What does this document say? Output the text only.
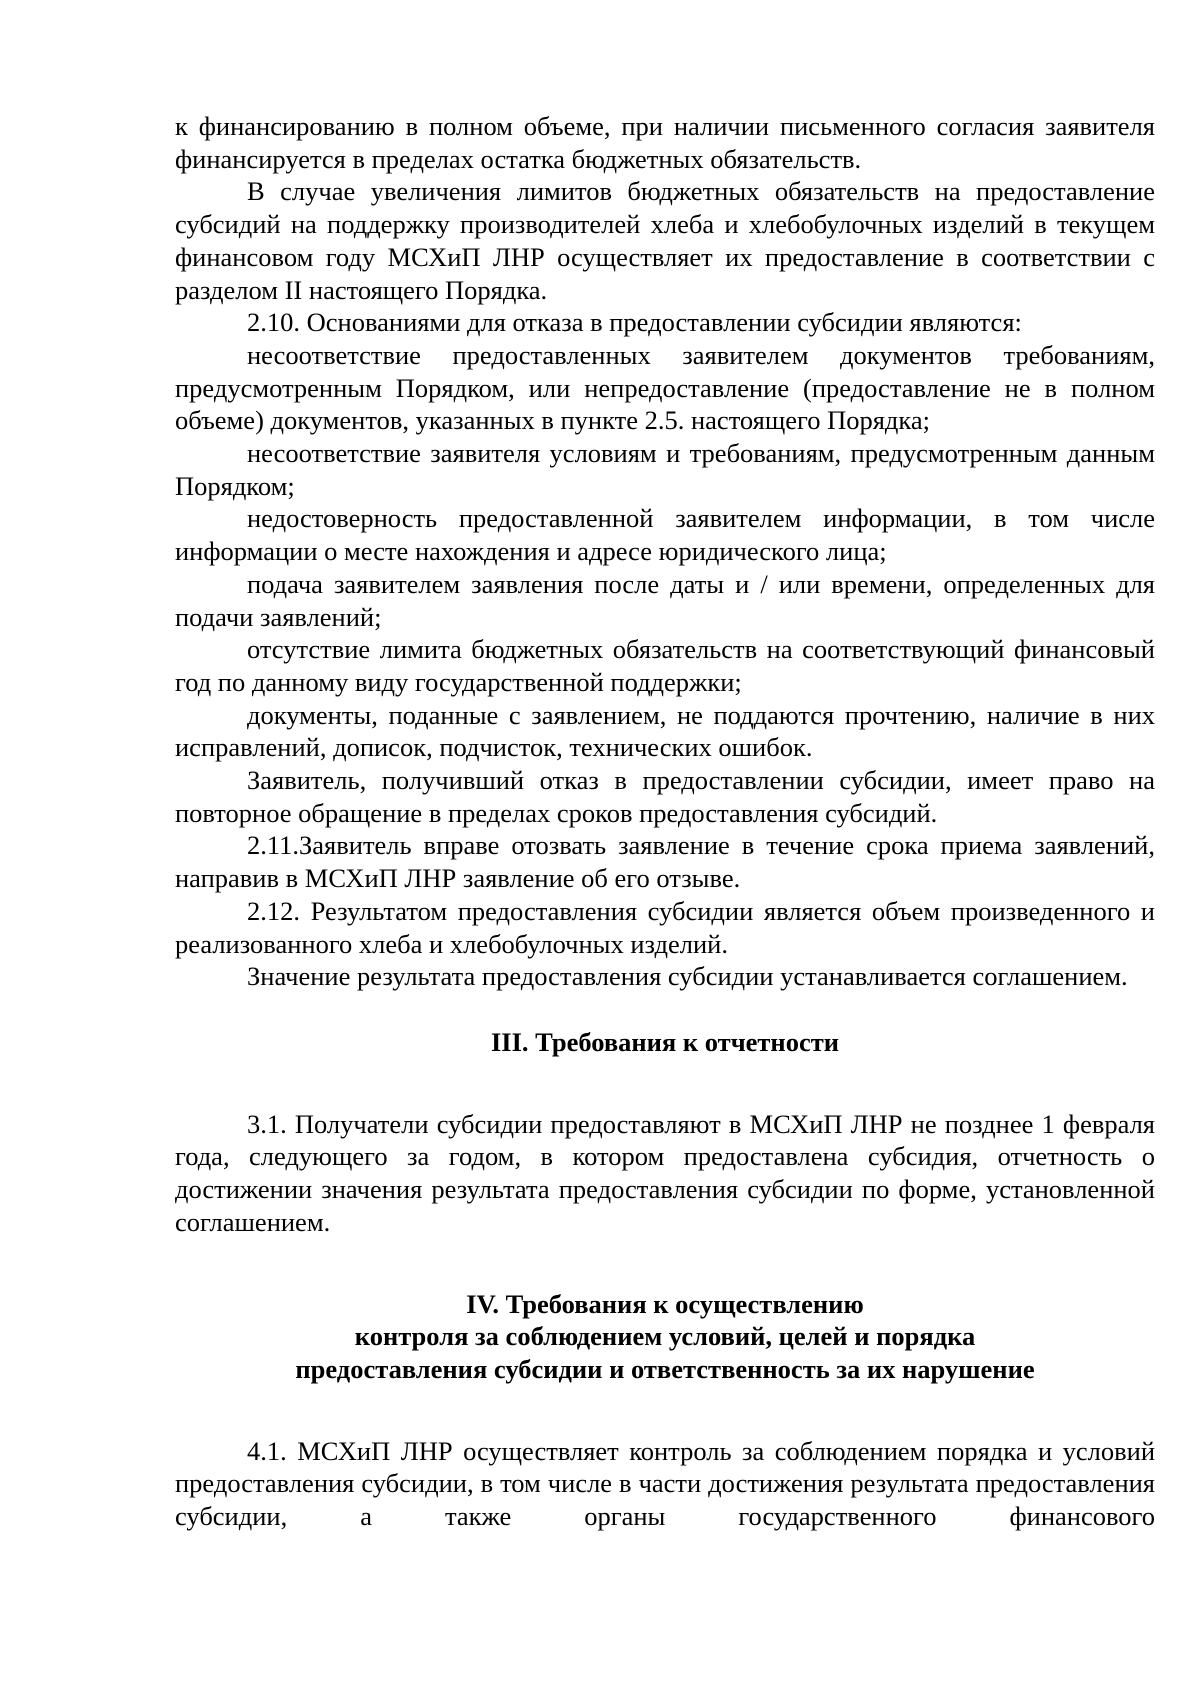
к финансированию в полном объеме, при наличии письменного согласия заявителя финансируется в пределах остатка бюджетных обязательств.

В случае увеличения лимитов бюджетных обязательств на предоставление субсидий на поддержку производителей хлеба и хлебобулочных изделий в текущем финансовом году МСХиП ЛНР осуществляет их предоставление в соответствии с разделом II настоящего Порядка.

2.10. Основаниями для отказа в предоставлении субсидии являются:

несоответствие предоставленных заявителем документов требованиям, предусмотренным Порядком, или непредоставление (предоставление не в полном объеме) документов, указанных в пункте 2.5. настоящего Порядка;

несоответствие заявителя условиям и требованиям, предусмотренным данным Порядком;

недостоверность предоставленной заявителем информации, в том числе информации о месте нахождения и адресе юридического лица;

подача заявителем заявления после даты и / или времени, определенных для подачи заявлений;

отсутствие лимита бюджетных обязательств на соответствующий финансовый год по данному виду государственной поддержки;

документы, поданные с заявлением, не поддаются прочтению, наличие в них исправлений, дописок, подчисток, технических ошибок.

Заявитель, получивший отказ в предоставлении субсидии, имеет право на повторное обращение в пределах сроков предоставления субсидий.

2.11.Заявитель вправе отозвать заявление в течение срока приема заявлений, направив в МСХиП ЛНР заявление об его отзыве.

2.12. Результатом предоставления субсидии является объем произведенного и реализованного хлеба и хлебобулочных изделий.

Значение результата предоставления субсидии устанавливается соглашением.

III. Требования к отчетности

3.1. Получатели субсидии предоставляют в МСХиП ЛНР не позднее 1 февраля года, следующего за годом, в котором предоставлена субсидия, отчетность о достижении значения результата предоставления субсидии по форме, установленной соглашением.

IV. Требования к осуществлению

контроля за соблюдением условий, целей и порядка

предоставления субсидии и ответственность за их нарушение

4.1. МСХиП ЛНР осуществляет контроль за соблюдением порядка и условий предоставления субсидии, в том числе в части достижения результата предоставления субсидии, а также органы государственного финансового
